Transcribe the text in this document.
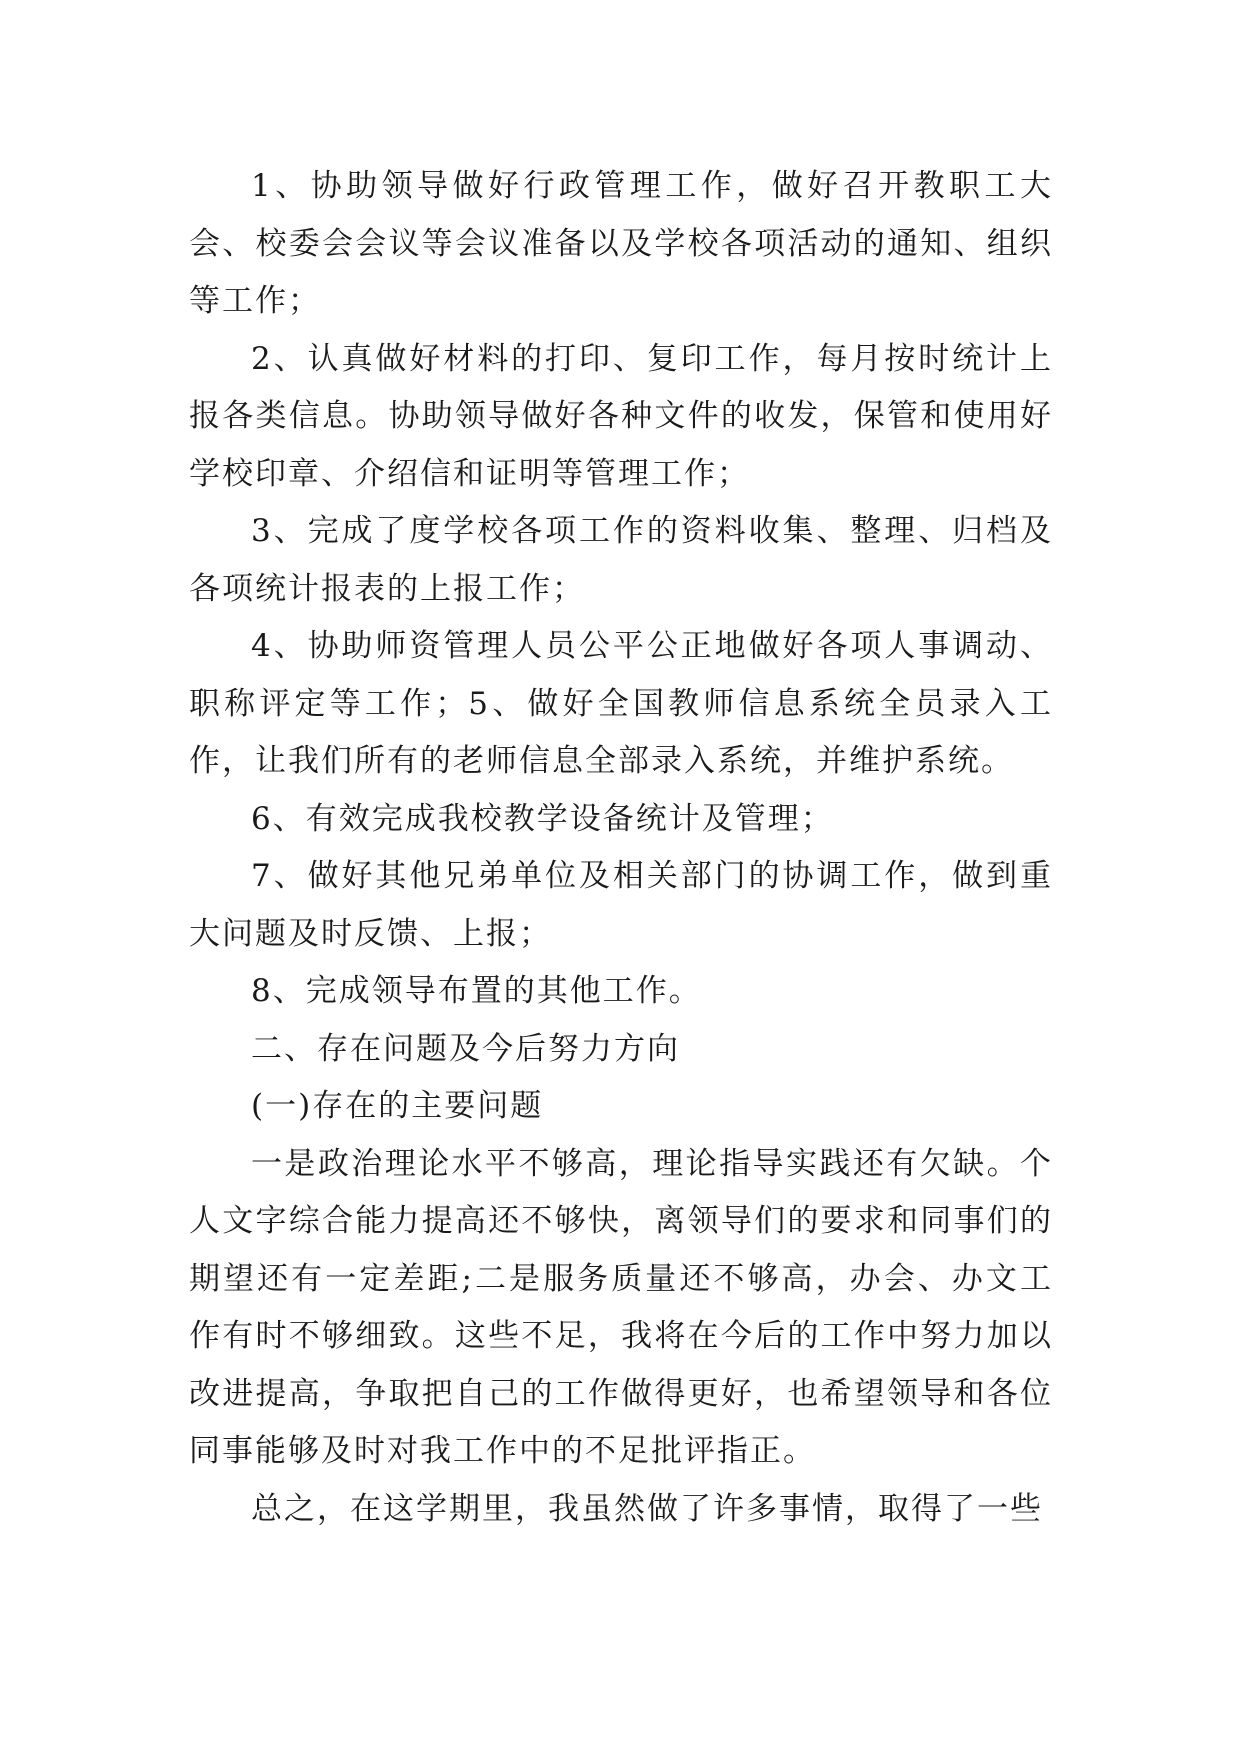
1、协助领导做好行政管理工作，做好召开教职工大会、校委会会议等会议准备以及学校各项活动的通知、组织等工作；

2、认真做好材料的打印、复印工作，每月按时统计上报各类信息。协助领导做好各种文件的收发，保管和使用好学校印章、介绍信和证明等管理工作；

3、完成了度学校各项工作的资料收集、整理、归档及各项统计报表的上报工作；

4、协助师资管理人员公平公正地做好各项人事调动、职称评定等工作；5、做好全国教师信息系统全员录入工作，让我们所有的老师信息全部录入系统，并维护系统。

6、有效完成我校教学设备统计及管理；

7、做好其他兄弟单位及相关部门的协调工作，做到重大问题及时反馈、上报；

8、完成领导布置的其他工作。

二、存在问题及今后努力方向

(一)存在的主要问题

一是政治理论水平不够高，理论指导实践还有欠缺。个人文字综合能力提高还不够快，离领导们的要求和同事们的期望还有一定差距;二是服务质量还不够高，办会、办文工作有时不够细致。这些不足，我将在今后的工作中努力加以改进提高，争取把自己的工作做得更好，也希望领导和各位同事能够及时对我工作中的不足批评指正。

总之，在这学期里，我虽然做了许多事情，取得了一些
